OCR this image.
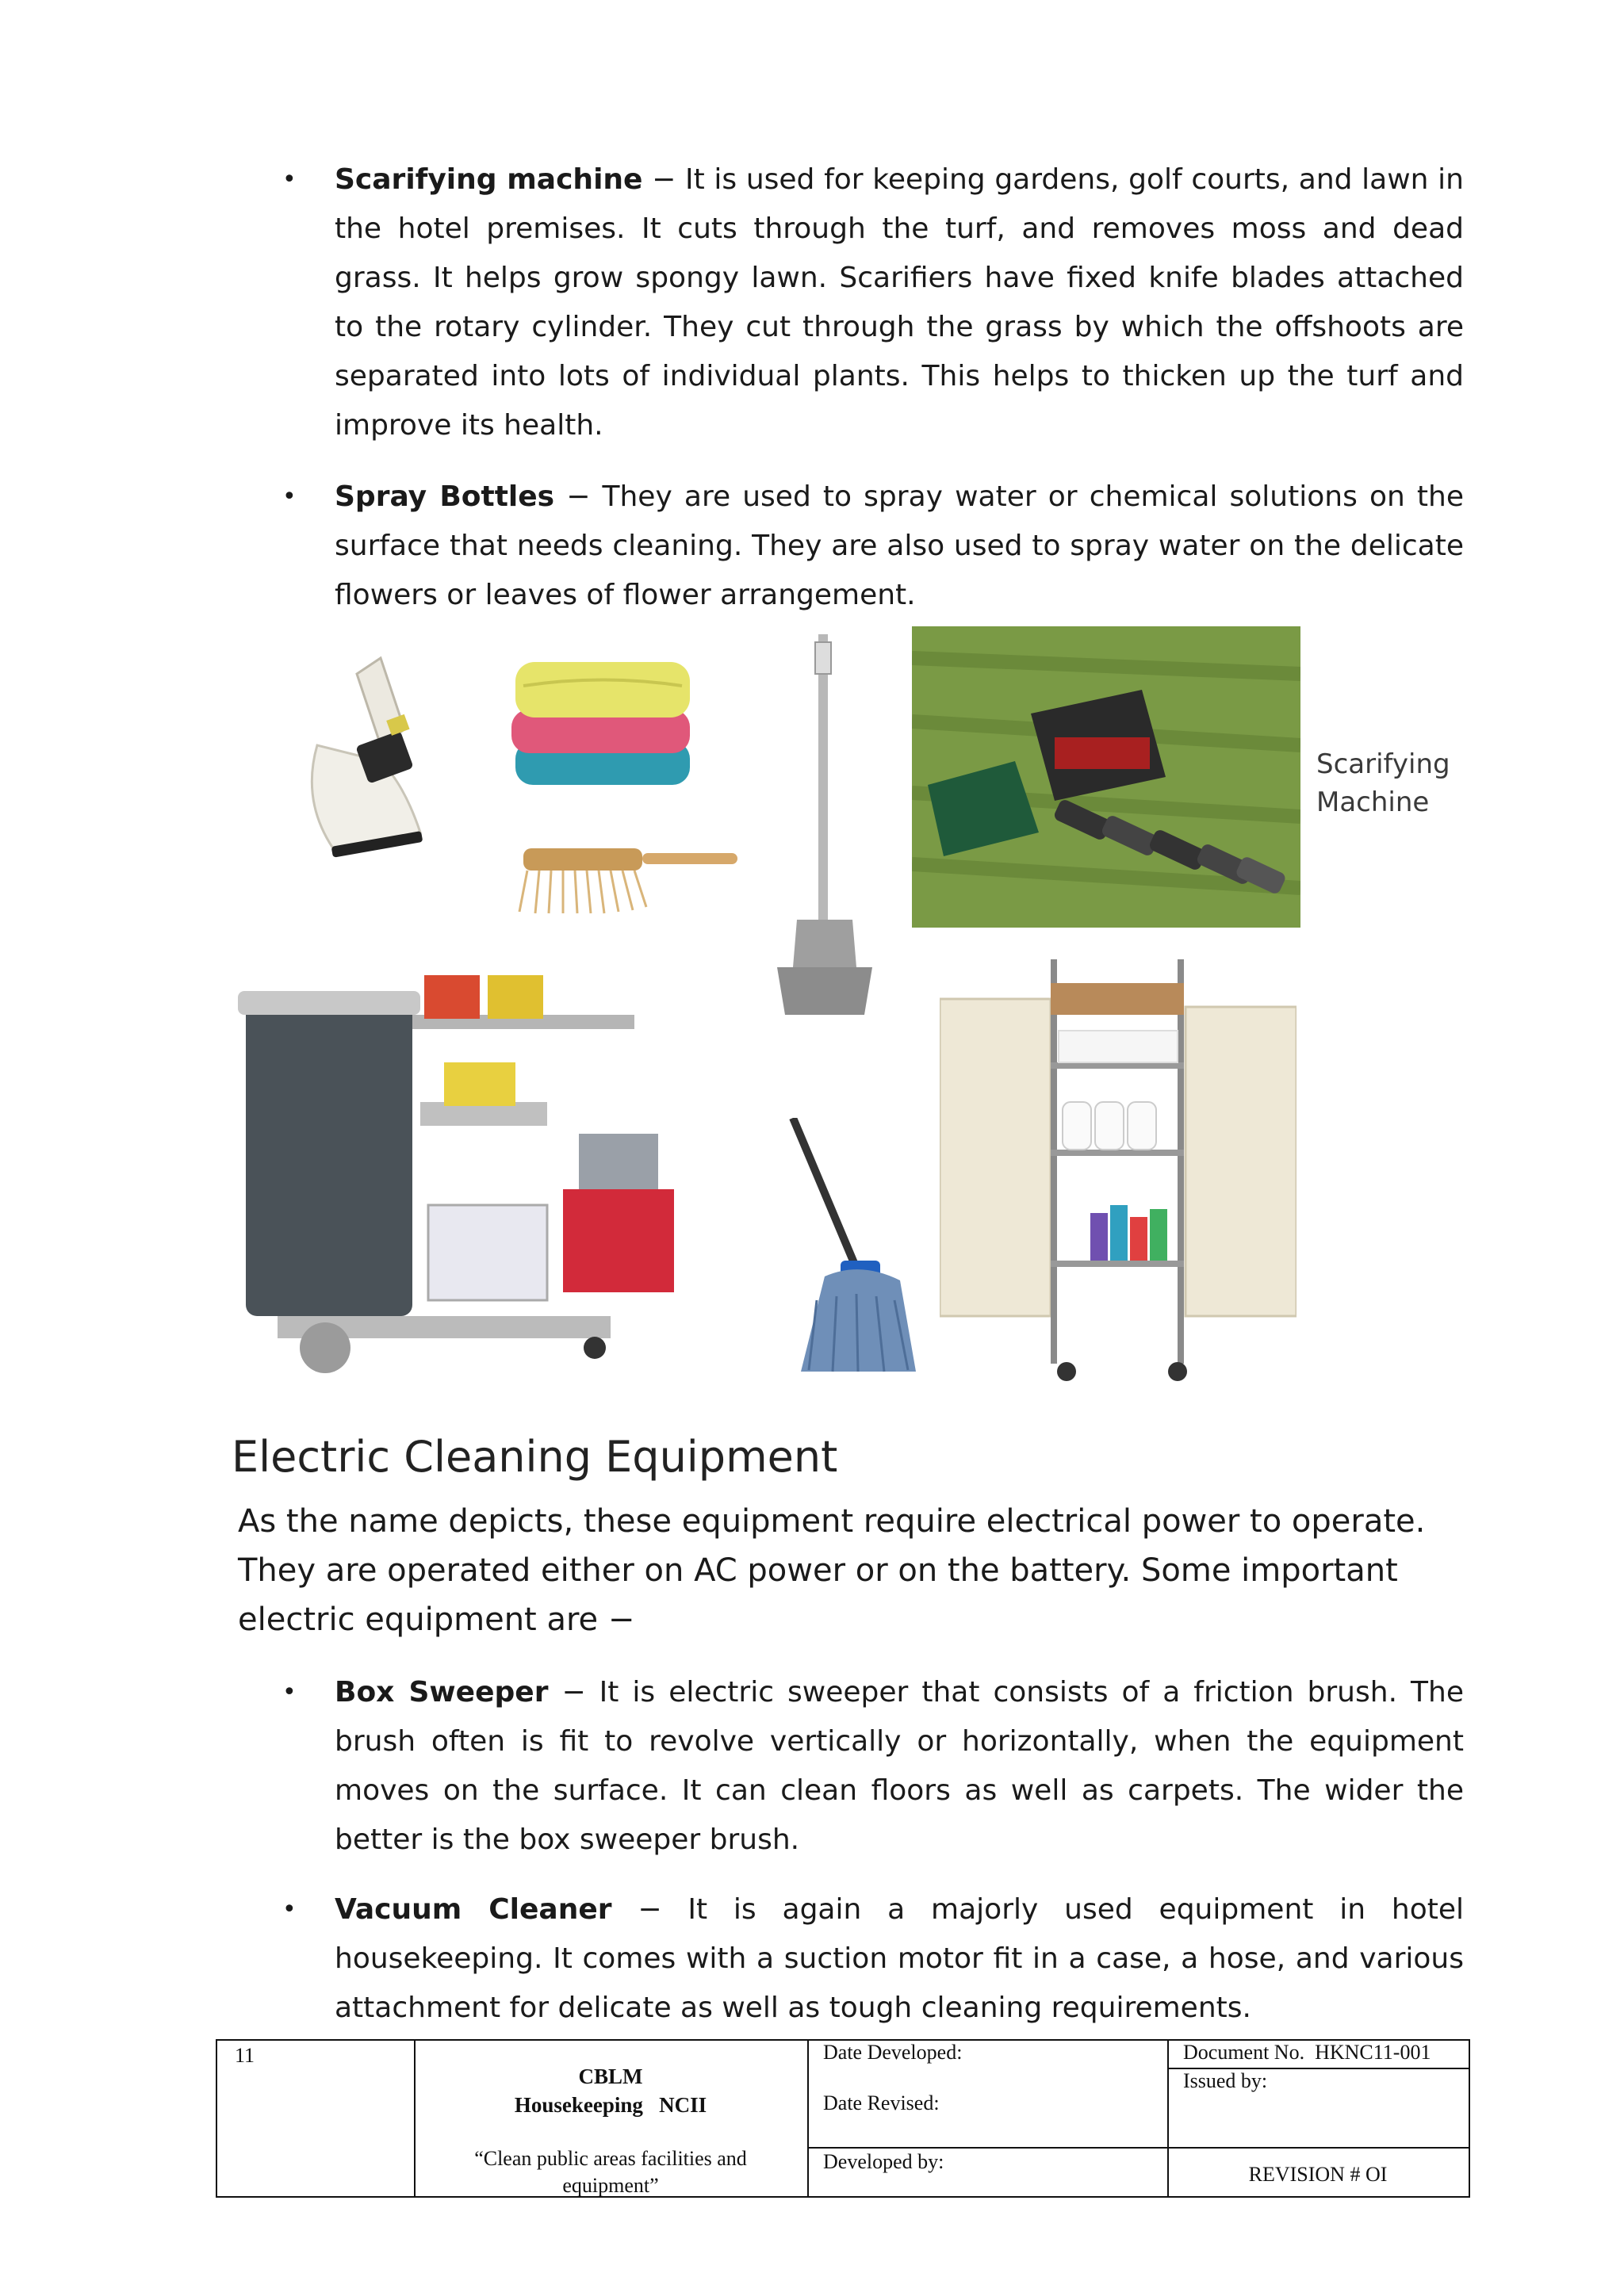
• Scarifying machine − It is used for keeping gardens, golf courts, and lawn in the hotel premises. It cuts through the turf, and removes moss and dead grass. It helps grow spongy lawn. Scarifiers have fixed knife blades attached to the rotary cylinder. They cut through the grass by which the offshoots are separated into lots of individual plants. This helps to thicken up the turf and improve its health.

• Spray Bottles − They are used to spray water or chemical solutions on the surface that needs cleaning. They are also used to spray water on the delicate flowers or leaves of flower arrangement.

Scarifying
Machine
Electric Cleaning Equipment

As the name depicts, these equipment require electrical power to operate. They are operated either on AC power or on the battery. Some important electric equipment are −

• Box Sweeper − It is electric sweeper that consists of a friction brush. The brush often is fit to revolve vertically or horizontally, when the equipment moves on the surface. It can clean floors as well as carpets. The wider the better is the box sweeper brush.

• Vacuum Cleaner − It is again a majorly used equipment in hotel housekeeping. It comes with a suction motor fit in a case, a hose, and various attachment for delicate as well as tough cleaning requirements.

11
CBLM
Housekeeping   NCII
“Clean public areas facilities and equipment”
Date Developed:
Date Revised:
Developed by:
Document No.  HKNC11-001
Issued by:
REVISION # OI
